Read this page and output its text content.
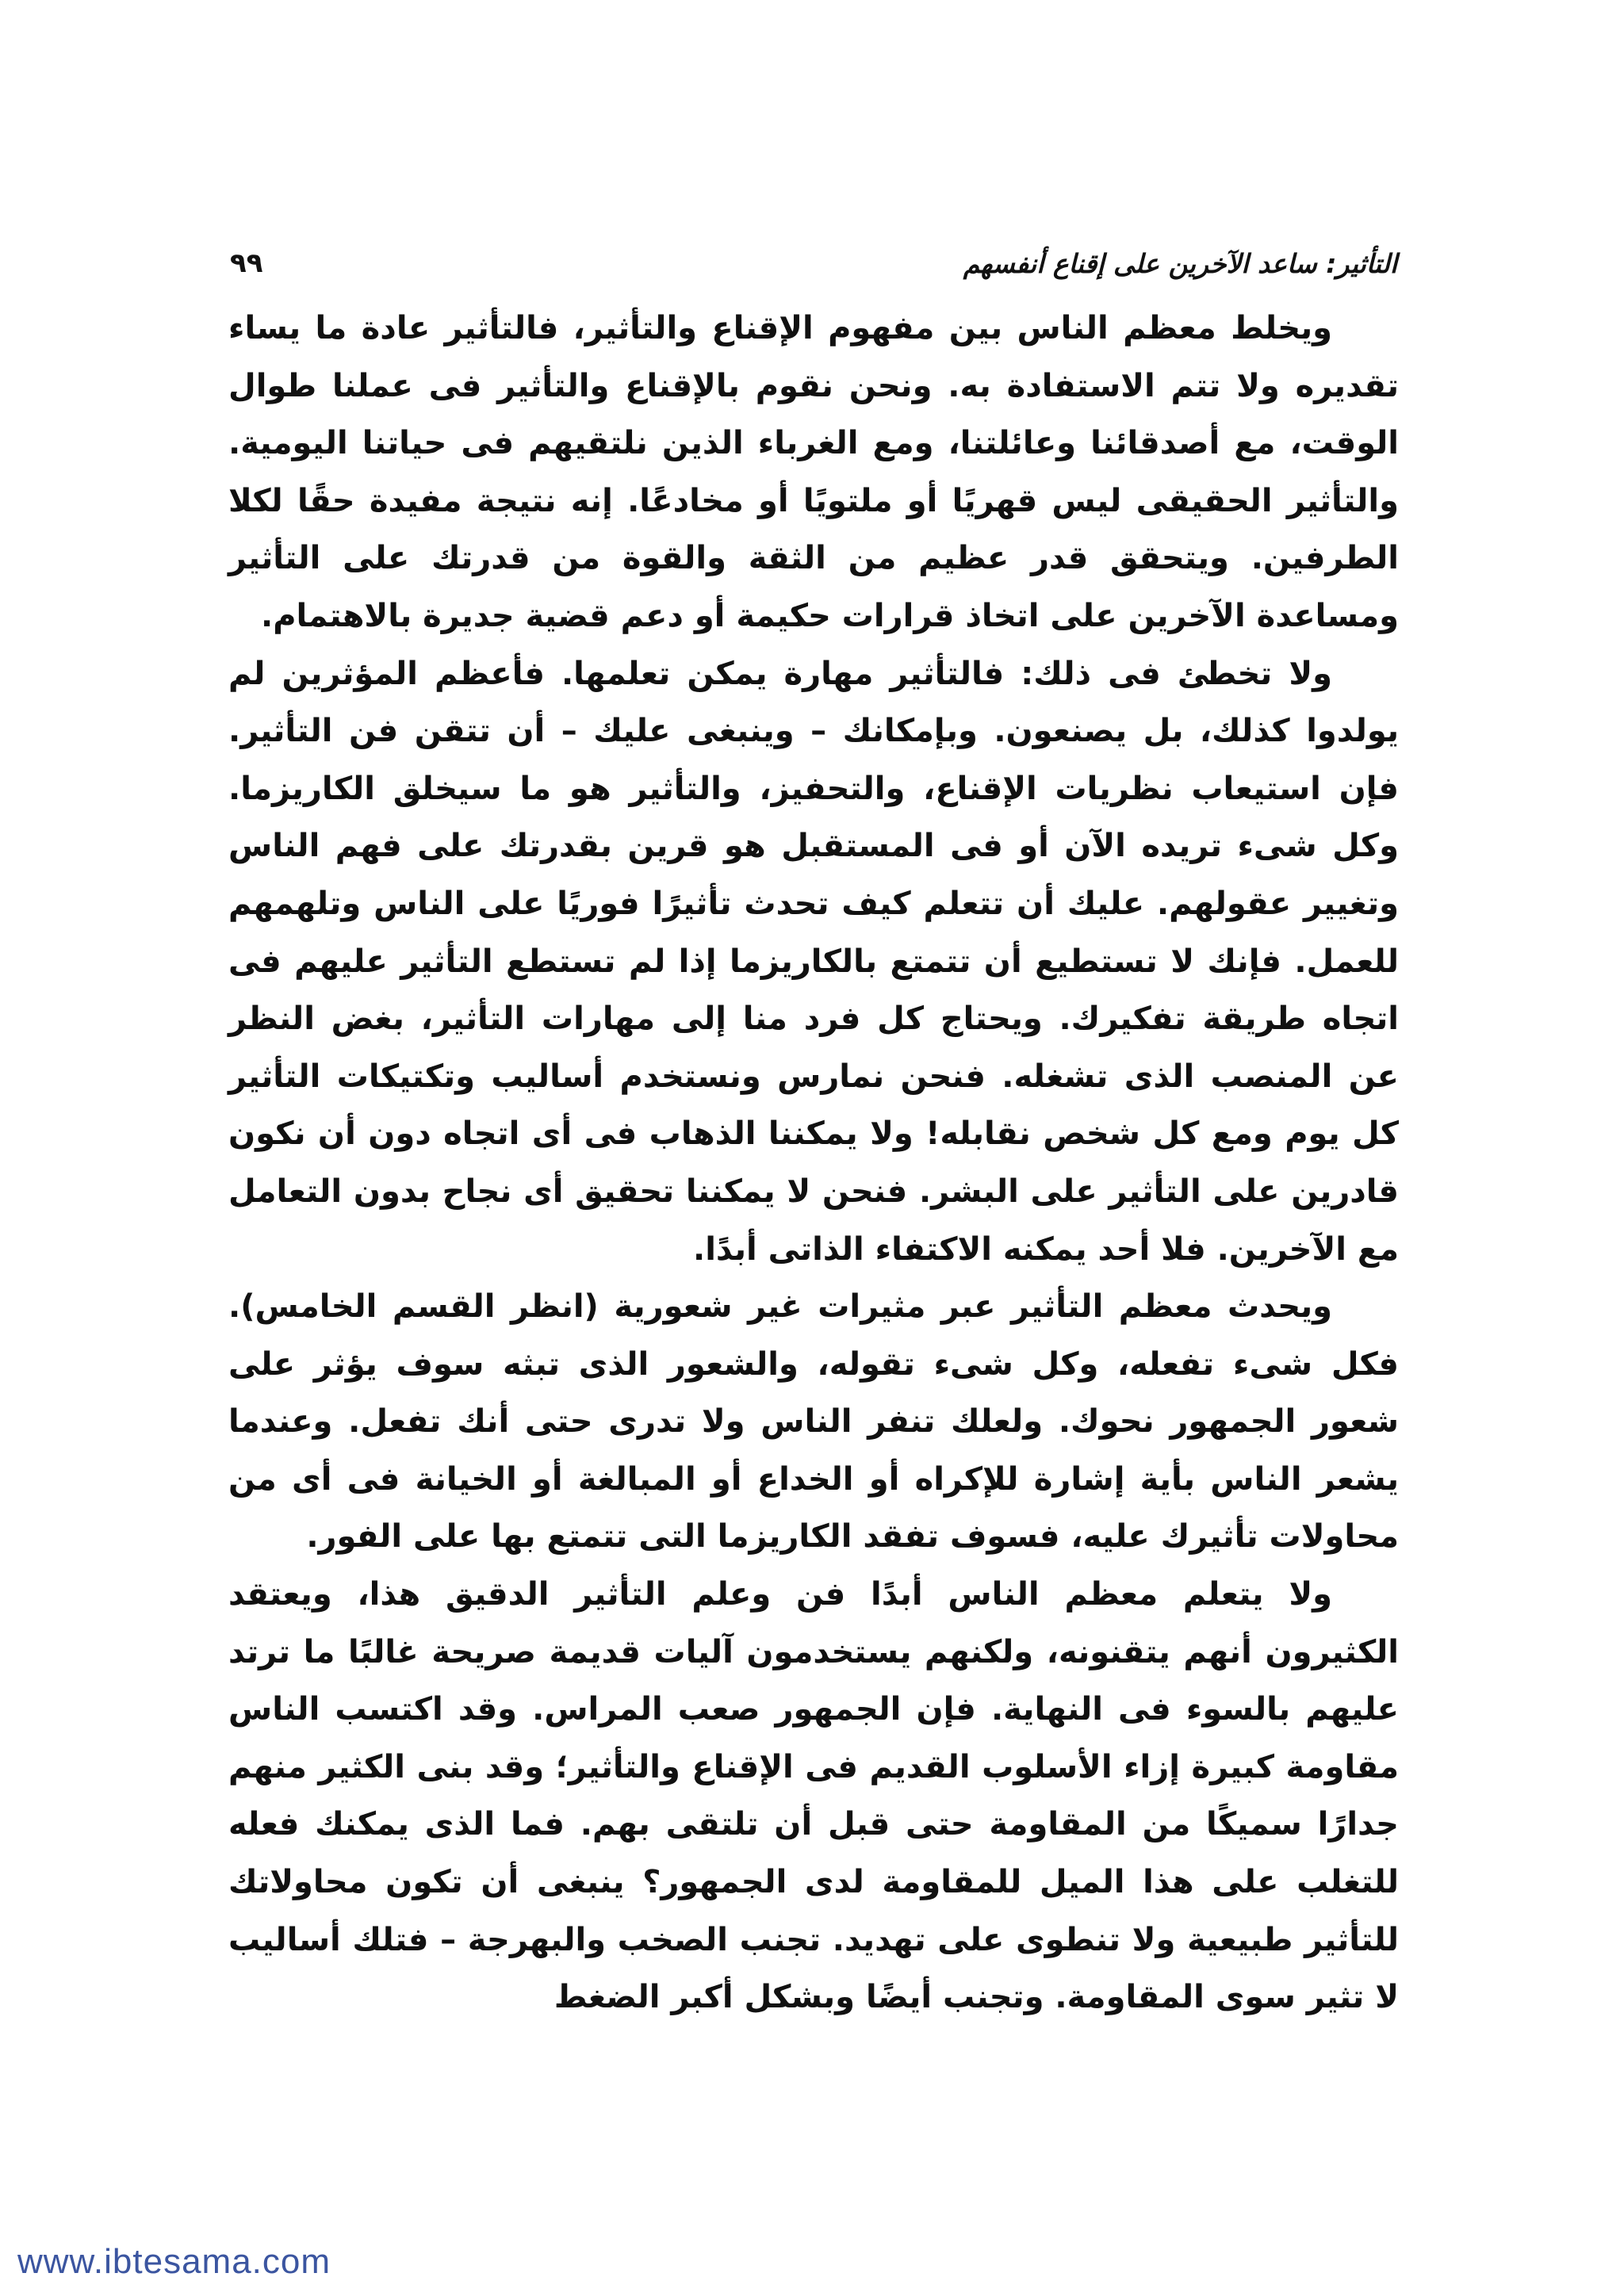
التأثير: ساعد الآخرين على إقناع أنفسهم
٩٩

ويخلط معظم الناس بين مفهوم الإقناع والتأثير، فالتأثير عادة ما يساء تقديره ولا تتم الاستفادة به. ونحن نقوم بالإقناع والتأثير فى عملنا طوال الوقت، مع أصدقائنا وعائلتنا، ومع الغرباء الذين نلتقيهم فى حياتنا اليومية. والتأثير الحقيقى ليس قهريًا أو ملتويًا أو مخادعًا. إنه نتيجة مفيدة حقًا لكلا الطرفين. ويتحقق قدر عظيم من الثقة والقوة من قدرتك على التأثير ومساعدة الآخرين على اتخاذ قرارات حكيمة أو دعم قضية جديرة بالاهتمام.

ولا تخطئ فى ذلك: فالتأثير مهارة يمكن تعلمها. فأعظم المؤثرين لم يولدوا كذلك، بل يصنعون. وبإمكانك – وينبغى عليك – أن تتقن فن التأثير. فإن استيعاب نظريات الإقناع، والتحفيز، والتأثير هو ما سيخلق الكاريزما. وكل شىء تريده الآن أو فى المستقبل هو قرين بقدرتك على فهم الناس وتغيير عقولهم. عليك أن تتعلم كيف تحدث تأثيرًا فوريًا على الناس وتلهمهم للعمل. فإنك لا تستطيع أن تتمتع بالكاريزما إذا لم تستطع التأثير عليهم فى اتجاه طريقة تفكيرك. ويحتاج كل فرد منا إلى مهارات التأثير، بغض النظر عن المنصب الذى تشغله. فنحن نمارس ونستخدم أساليب وتكتيكات التأثير كل يوم ومع كل شخص نقابله! ولا يمكننا الذهاب فى أى اتجاه دون أن نكون قادرين على التأثير على البشر. فنحن لا يمكننا تحقيق أى نجاح بدون التعامل مع الآخرين. فلا أحد يمكنه الاكتفاء الذاتى أبدًا.

ويحدث معظم التأثير عبر مثيرات غير شعورية (انظر القسم الخامس). فكل شىء تفعله، وكل شىء تقوله، والشعور الذى تبثه سوف يؤثر على شعور الجمهور نحوك. ولعلك تنفر الناس ولا تدرى حتى أنك تفعل. وعندما يشعر الناس بأية إشارة للإكراه أو الخداع أو المبالغة أو الخيانة فى أى من محاولات تأثيرك عليه، فسوف تفقد الكاريزما التى تتمتع بها على الفور.

ولا يتعلم معظم الناس أبدًا فن وعلم التأثير الدقيق هذا، ويعتقد الكثيرون أنهم يتقنونه، ولكنهم يستخدمون آليات قديمة صريحة غالبًا ما ترتد عليهم بالسوء فى النهاية. فإن الجمهور صعب المراس. وقد اكتسب الناس مقاومة كبيرة إزاء الأسلوب القديم فى الإقناع والتأثير؛ وقد بنى الكثير منهم جدارًا سميكًا من المقاومة حتى قبل أن تلتقى بهم. فما الذى يمكنك فعله للتغلب على هذا الميل للمقاومة لدى الجمهور؟ ينبغى أن تكون محاولاتك للتأثير طبيعية ولا تنطوى على تهديد. تجنب الصخب والبهرجة – فتلك أساليب لا تثير سوى المقاومة. وتجنب أيضًا وبشكل أكبر الضغط

www.ibtesama.com
